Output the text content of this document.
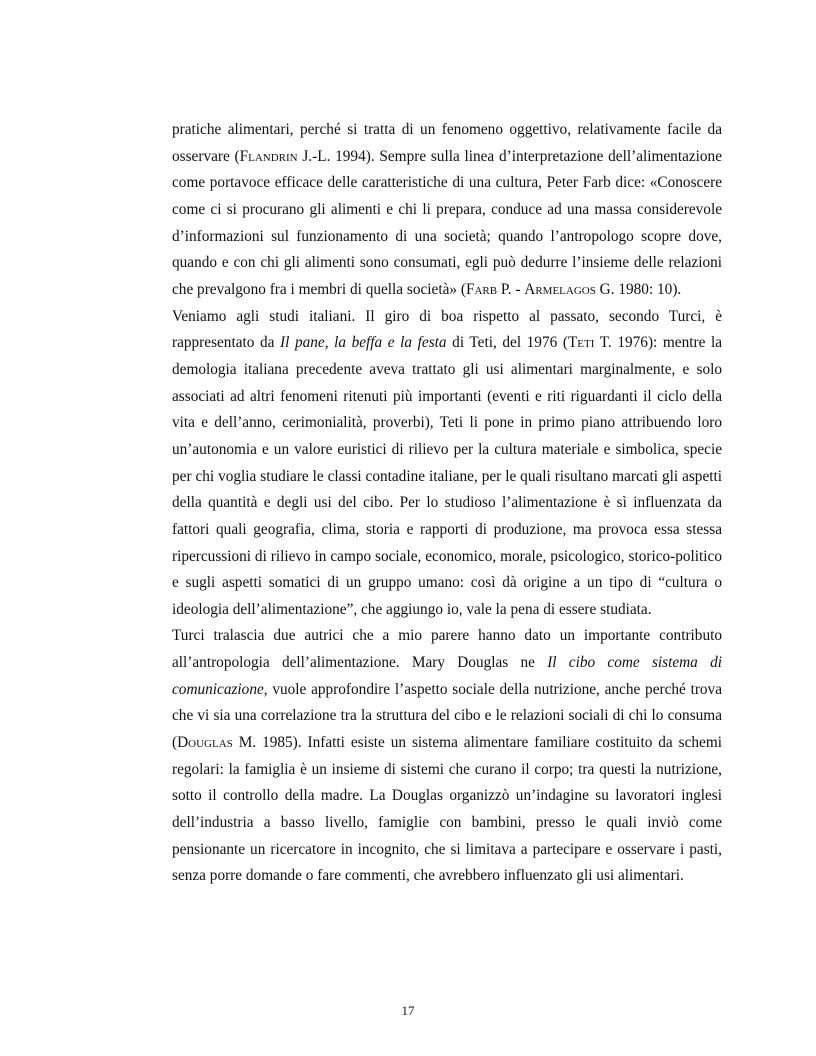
pratiche alimentari, perché si tratta di un fenomeno oggettivo, relativamente facile da osservare (Flandrin J.-L. 1994). Sempre sulla linea d’interpretazione dell’alimentazione come portavoce efficace delle caratteristiche di una cultura, Peter Farb dice: «Conoscere come ci si procurano gli alimenti e chi li prepara, conduce ad una massa considerevole d’informazioni sul funzionamento di una società; quando l’antropologo scopre dove, quando e con chi gli alimenti sono consumati, egli può dedurre l’insieme delle relazioni che prevalgono fra i membri di quella società» (Farb P. - Armelagos G. 1980: 10).

Veniamo agli studi italiani. Il giro di boa rispetto al passato, secondo Turci, è rappresentato da Il pane, la beffa e la festa di Teti, del 1976 (Teti T. 1976): mentre la demologia italiana precedente aveva trattato gli usi alimentari marginalmente, e solo associati ad altri fenomeni ritenuti più importanti (eventi e riti riguardanti il ciclo della vita e dell’anno, cerimonialità, proverbi), Teti li pone in primo piano attribuendo loro un’autonomia e un valore euristici di rilievo per la cultura materiale e simbolica, specie per chi voglia studiare le classi contadine italiane, per le quali risultano marcati gli aspetti della quantità e degli usi del cibo. Per lo studioso l’alimentazione è sì influenzata da fattori quali geografia, clima, storia e rapporti di produzione, ma provoca essa stessa ripercussioni di rilievo in campo sociale, economico, morale, psicologico, storico-politico e sugli aspetti somatici di un gruppo umano: così dà origine a un tipo di “cultura o ideologia dell’alimentazione”, che aggiungo io, vale la pena di essere studiata.

Turci tralascia due autrici che a mio parere hanno dato un importante contributo all’antropologia dell’alimentazione. Mary Douglas ne Il cibo come sistema di comunicazione, vuole approfondire l’aspetto sociale della nutrizione, anche perché trova che vi sia una correlazione tra la struttura del cibo e le relazioni sociali di chi lo consuma (Douglas M. 1985). Infatti esiste un sistema alimentare familiare costituito da schemi regolari: la famiglia è un insieme di sistemi che curano il corpo; tra questi la nutrizione, sotto il controllo della madre. La Douglas organizzò un’indagine su lavoratori inglesi dell’industria a basso livello, famiglie con bambini, presso le quali inviò come pensionante un ricercatore in incognito, che si limitava a partecipare e osservare i pasti, senza porre domande o fare commenti, che avrebbero influenzato gli usi alimentari.

17
